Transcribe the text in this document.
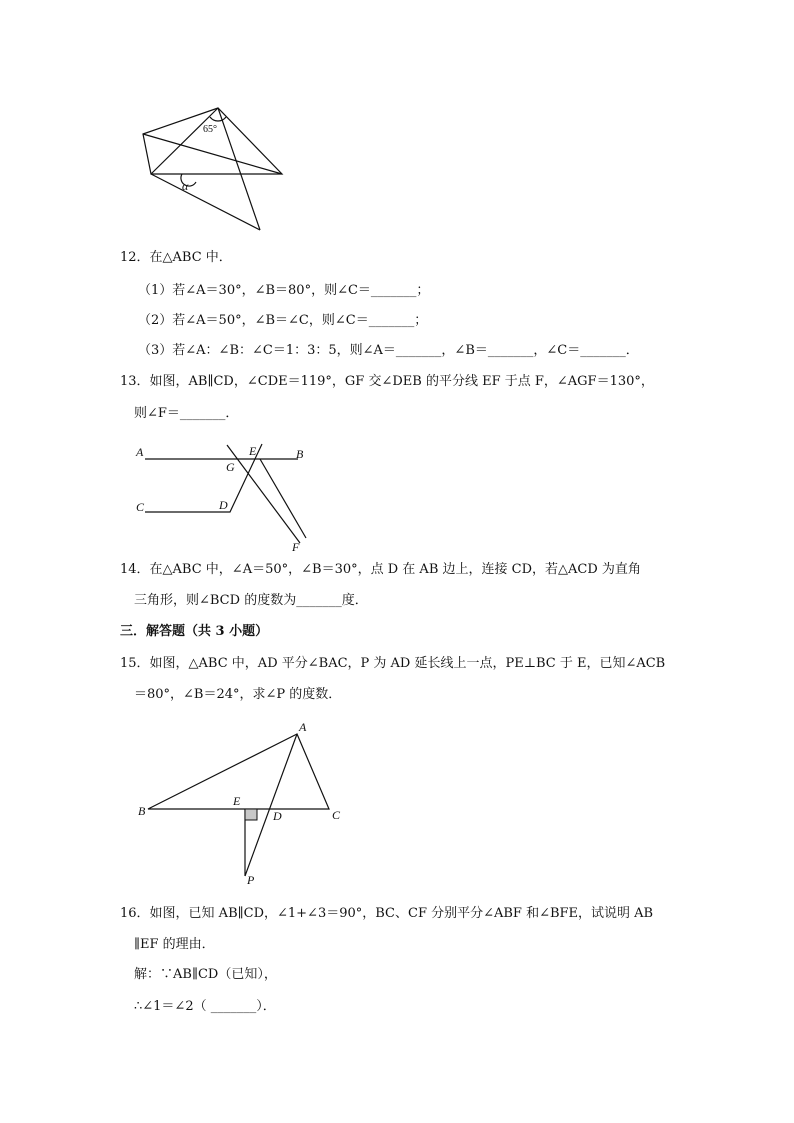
65°
α
12．在△ABC 中．
（1）若∠A＝30°，∠B＝80°，则∠C＝_______；
（2）若∠A＝50°，∠B＝∠C，则∠C＝_______；
（3）若∠A：∠B：∠C＝1：3：5，则∠A＝_______，∠B＝_______，∠C＝_______．
13．如图，AB∥CD，∠CDE＝119°，GF 交∠DEB 的平分线 EF 于点 F，∠AGF＝130°，
则∠F＝_______．
A	B
E
G
C	D
F
14．在△ABC 中，∠A＝50°，∠B＝30°，点 D 在 AB 边上，连接 CD，若△ACD 为直角
三角形，则∠BCD 的度数为_______度．
三．解答题（共 3 小题）
15．如图，△ABC 中，AD 平分∠BAC，P 为 AD 延长线上一点，PE⊥BC 于 E，已知∠ACB
＝80°，∠B＝24°，求∠P 的度数．
A
B
E
D	C
P
16．如图，已知 AB∥CD，∠1+∠3＝90°，BC、CF 分别平分∠ABF 和∠BFE，试说明 AB
∥EF 的理由．
解：∵AB∥CD（已知），
∴∠1＝∠2（ _______）．
